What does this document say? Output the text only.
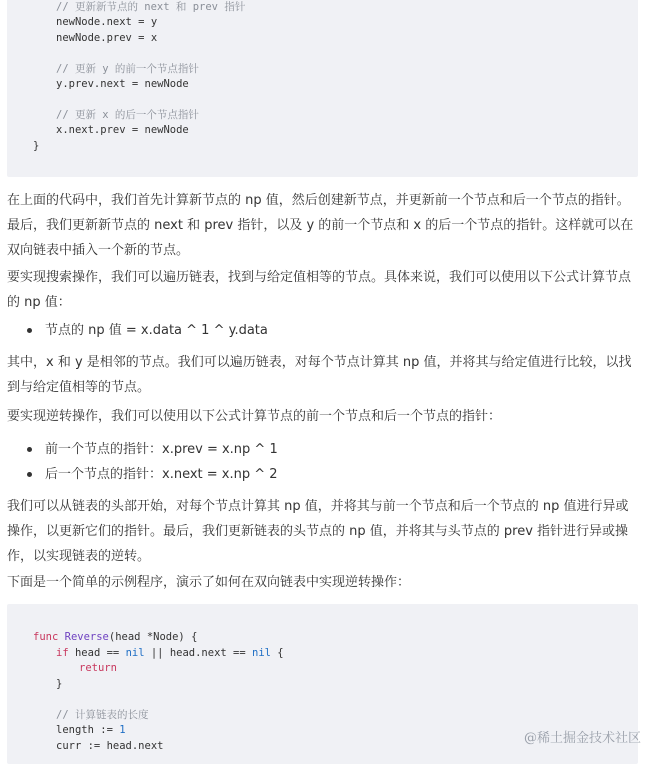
// 更新新节点的 next 和 prev 指针

newNode.next = y

newNode.prev = x

// 更新 y 的前一个节点指针

y.prev.next = newNode

// 更新 x 的后一个节点指针

x.next.prev = newNode

}

在上面的代码中，我们首先计算新节点的 np 值，然后创建新节点，并更新前一个节点和后一个节点的指针。最后，我们更新新节点的 next 和 prev 指针，以及 y 的前一个节点和 x 的后一个节点的指针。这样就可以在双向链表中插入一个新的节点。
要实现搜索操作，我们可以遍历链表，找到与给定值相等的节点。具体来说，我们可以使用以下公式计算节点的 np 值：
节点的 np 值 = x.data ^ 1 ^ y.data
其中，x 和 y 是相邻的节点。我们可以遍历链表，对每个节点计算其 np 值，并将其与给定值进行比较，以找到与给定值相等的节点。
要实现逆转操作，我们可以使用以下公式计算节点的前一个节点和后一个节点的指针：
前一个节点的指针：x.prev = x.np ^ 1
后一个节点的指针：x.next = x.np ^ 2
我们可以从链表的头部开始，对每个节点计算其 np 值，并将其与前一个节点和后一个节点的 np 值进行异或操作，以更新它们的指针。最后，我们更新链表的头节点的 np 值，并将其与头节点的 prev 指针进行异或操作，以实现链表的逆转。
下面是一个简单的示例程序，演示了如何在双向链表中实现逆转操作：

func Reverse(head *Node) {

if head == nil || head.next == nil {

return

}

// 计算链表的长度

length := 1

curr := head.next

	@稀土掘金技术社区
